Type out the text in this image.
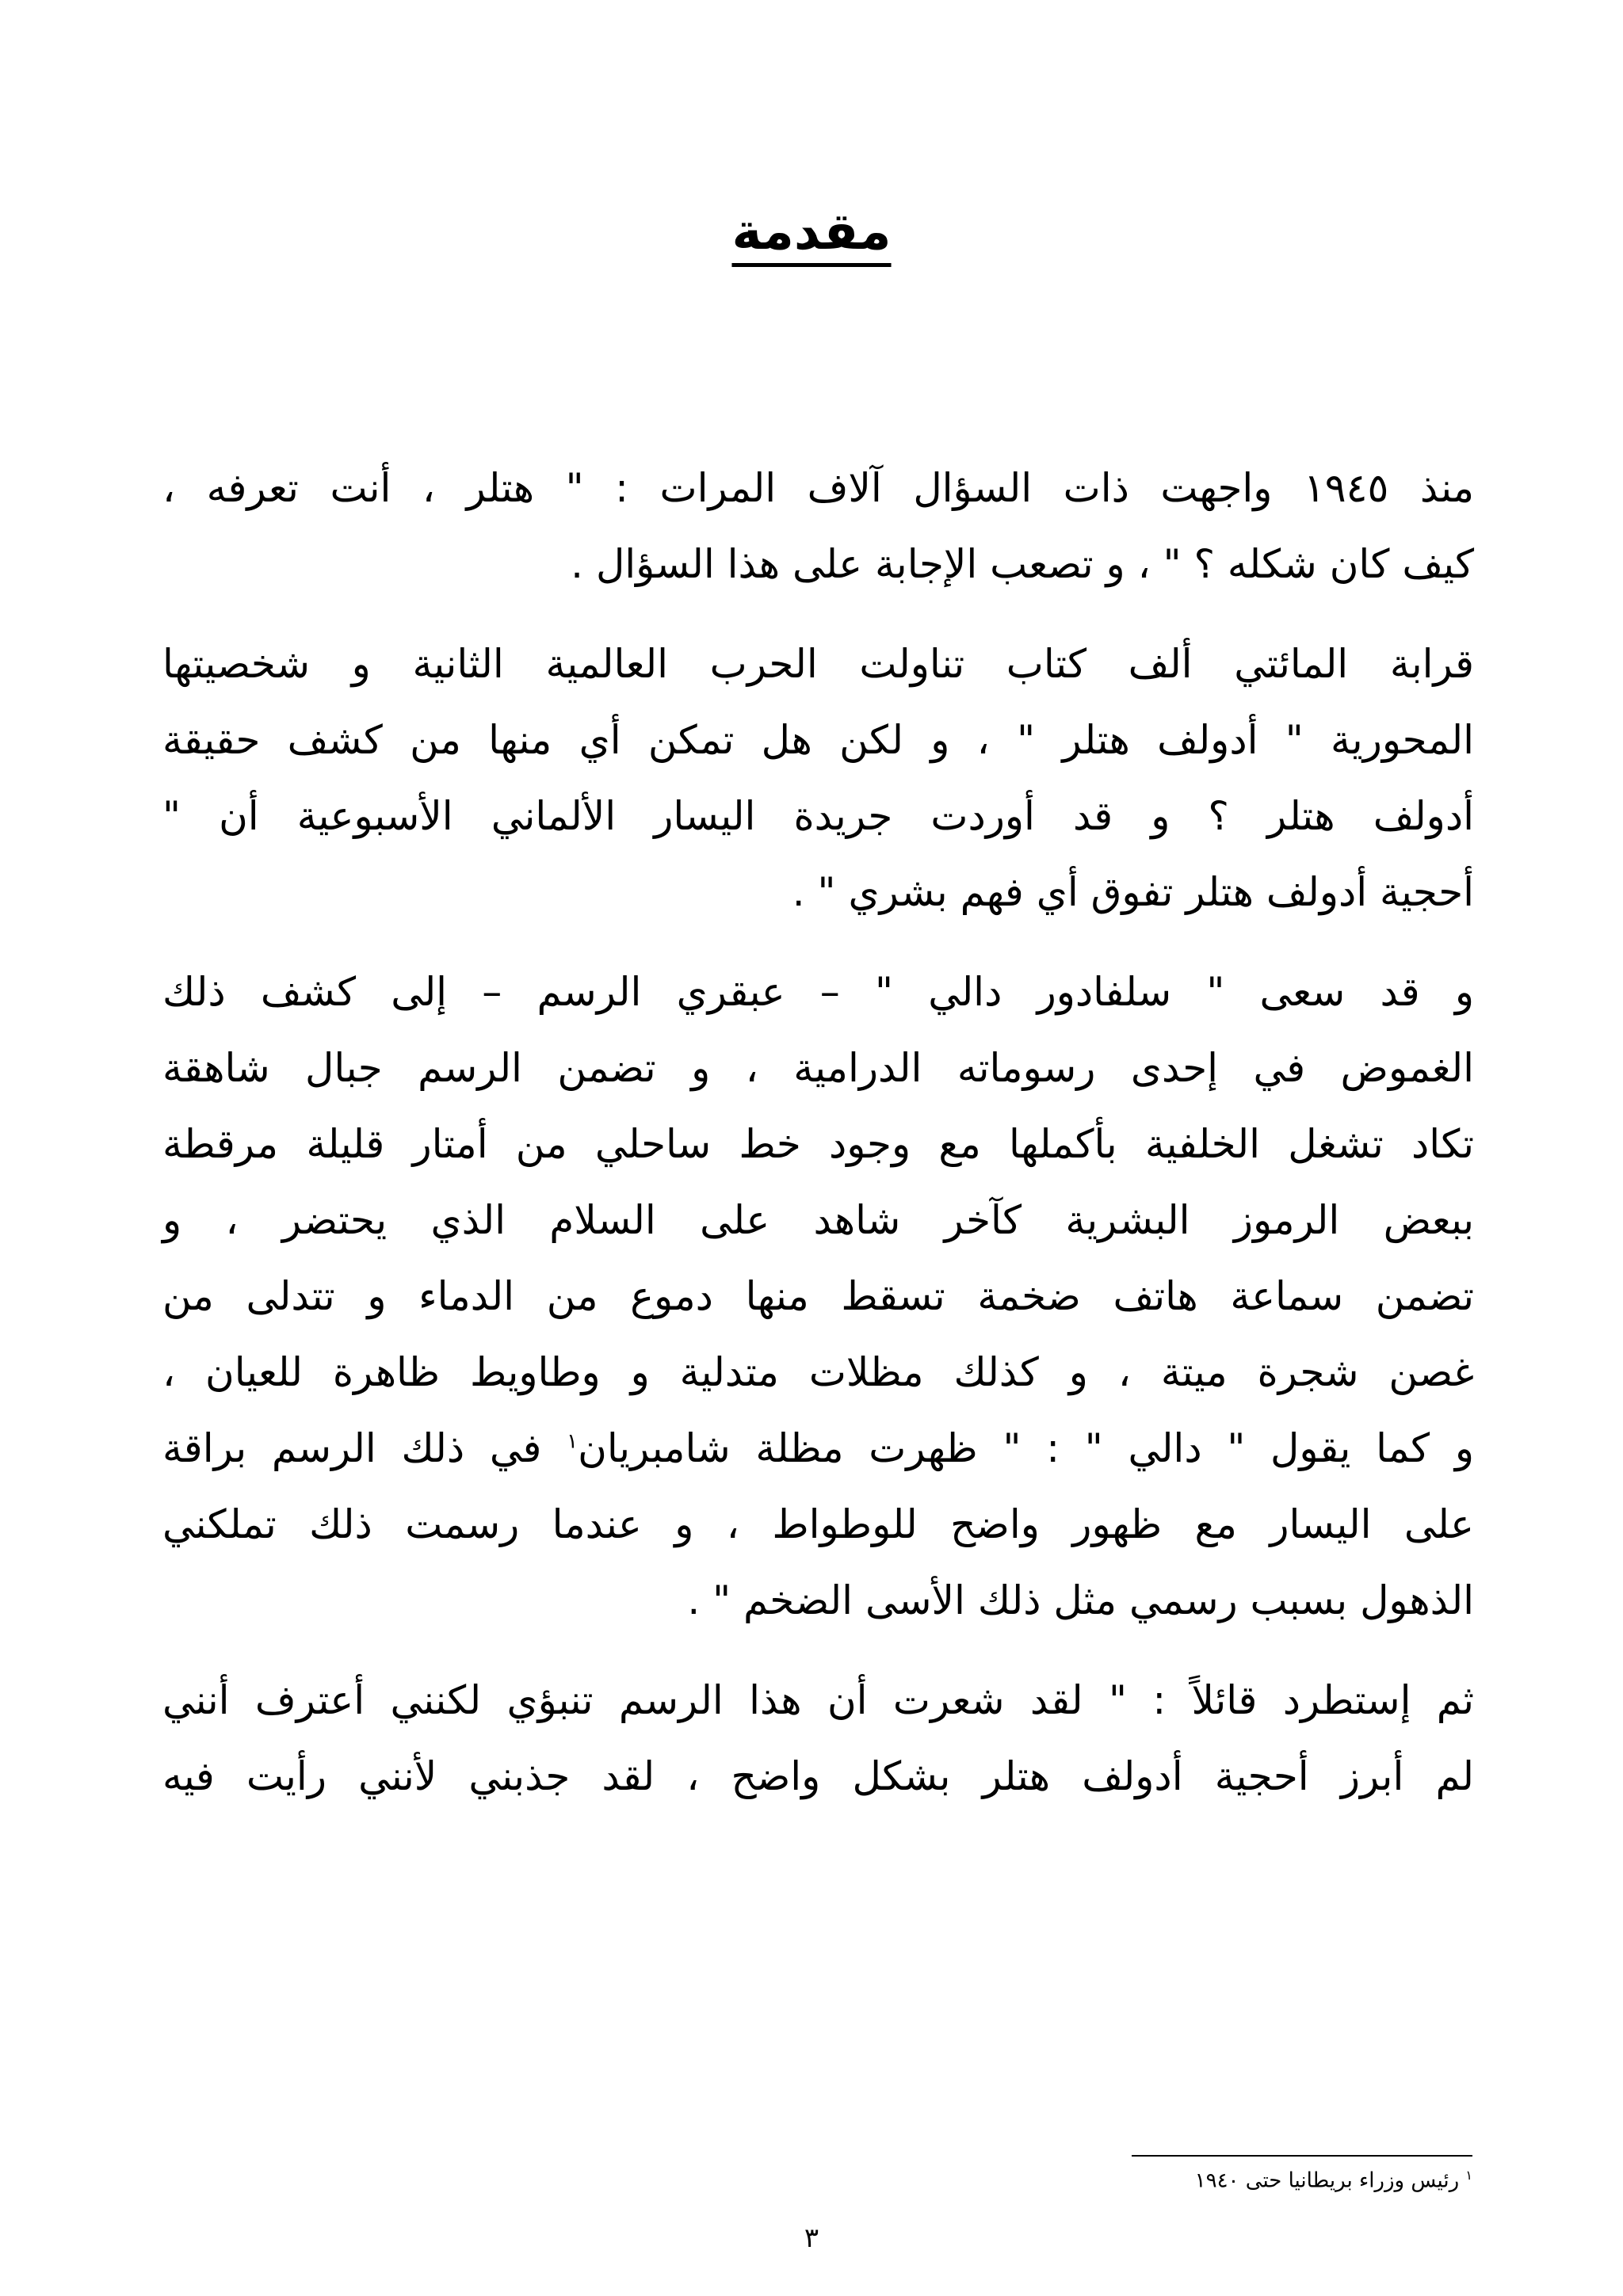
مقدمة
منذ ١٩٤٥ واجهت ذات السؤال آلاف المرات : " هتلر ، أنت تعرفه ،
كيف كان شكله ؟ " ، و تصعب الإجابة على هذا السؤال .
قرابة المائتي ألف كتاب تناولت الحرب العالمية الثانية و شخصيتها
المحورية " أدولف هتلر " ، و لكن هل تمكن أي منها من كشف حقيقة
أدولف هتلر ؟ و قد أوردت جريدة اليسار الألماني الأسبوعية أن "
أحجية أدولف هتلر تفوق أي فهم بشري " .
و قد سعى " سلفادور دالي " – عبقري الرسم – إلى كشف ذلك
الغموض في إحدى رسوماته الدرامية ، و تضمن الرسم جبال شاهقة
تكاد تشغل الخلفية بأكملها مع وجود خط ساحلي من أمتار قليلة مرقطة
ببعض الرموز البشرية كآخر شاهد على السلام الذي يحتضر ، و
تضمن سماعة هاتف ضخمة تسقط منها دموع من الدماء و تتدلى من
غصن شجرة ميتة ، و كذلك مظلات متدلية و وطاويط ظاهرة للعيان ،
و كما يقول " دالي " : " ظهرت مظلة شامبريان$^١$ في ذلك الرسم براقة
على اليسار مع ظهور واضح للوطواط ، و عندما رسمت ذلك تملكني
الذهول بسبب رسمي مثل ذلك الأسى الضخم " .
ثم إستطرد قائلاً : " لقد شعرت أن هذا الرسم تنبؤي لكنني أعترف أنني
لم أبرز أحجية أدولف هتلر بشكل واضح ، لقد جذبني لأنني رأيت فيه
$^١$ رئيس وزراء بريطانيا حتى ١٩٤٠
٣
